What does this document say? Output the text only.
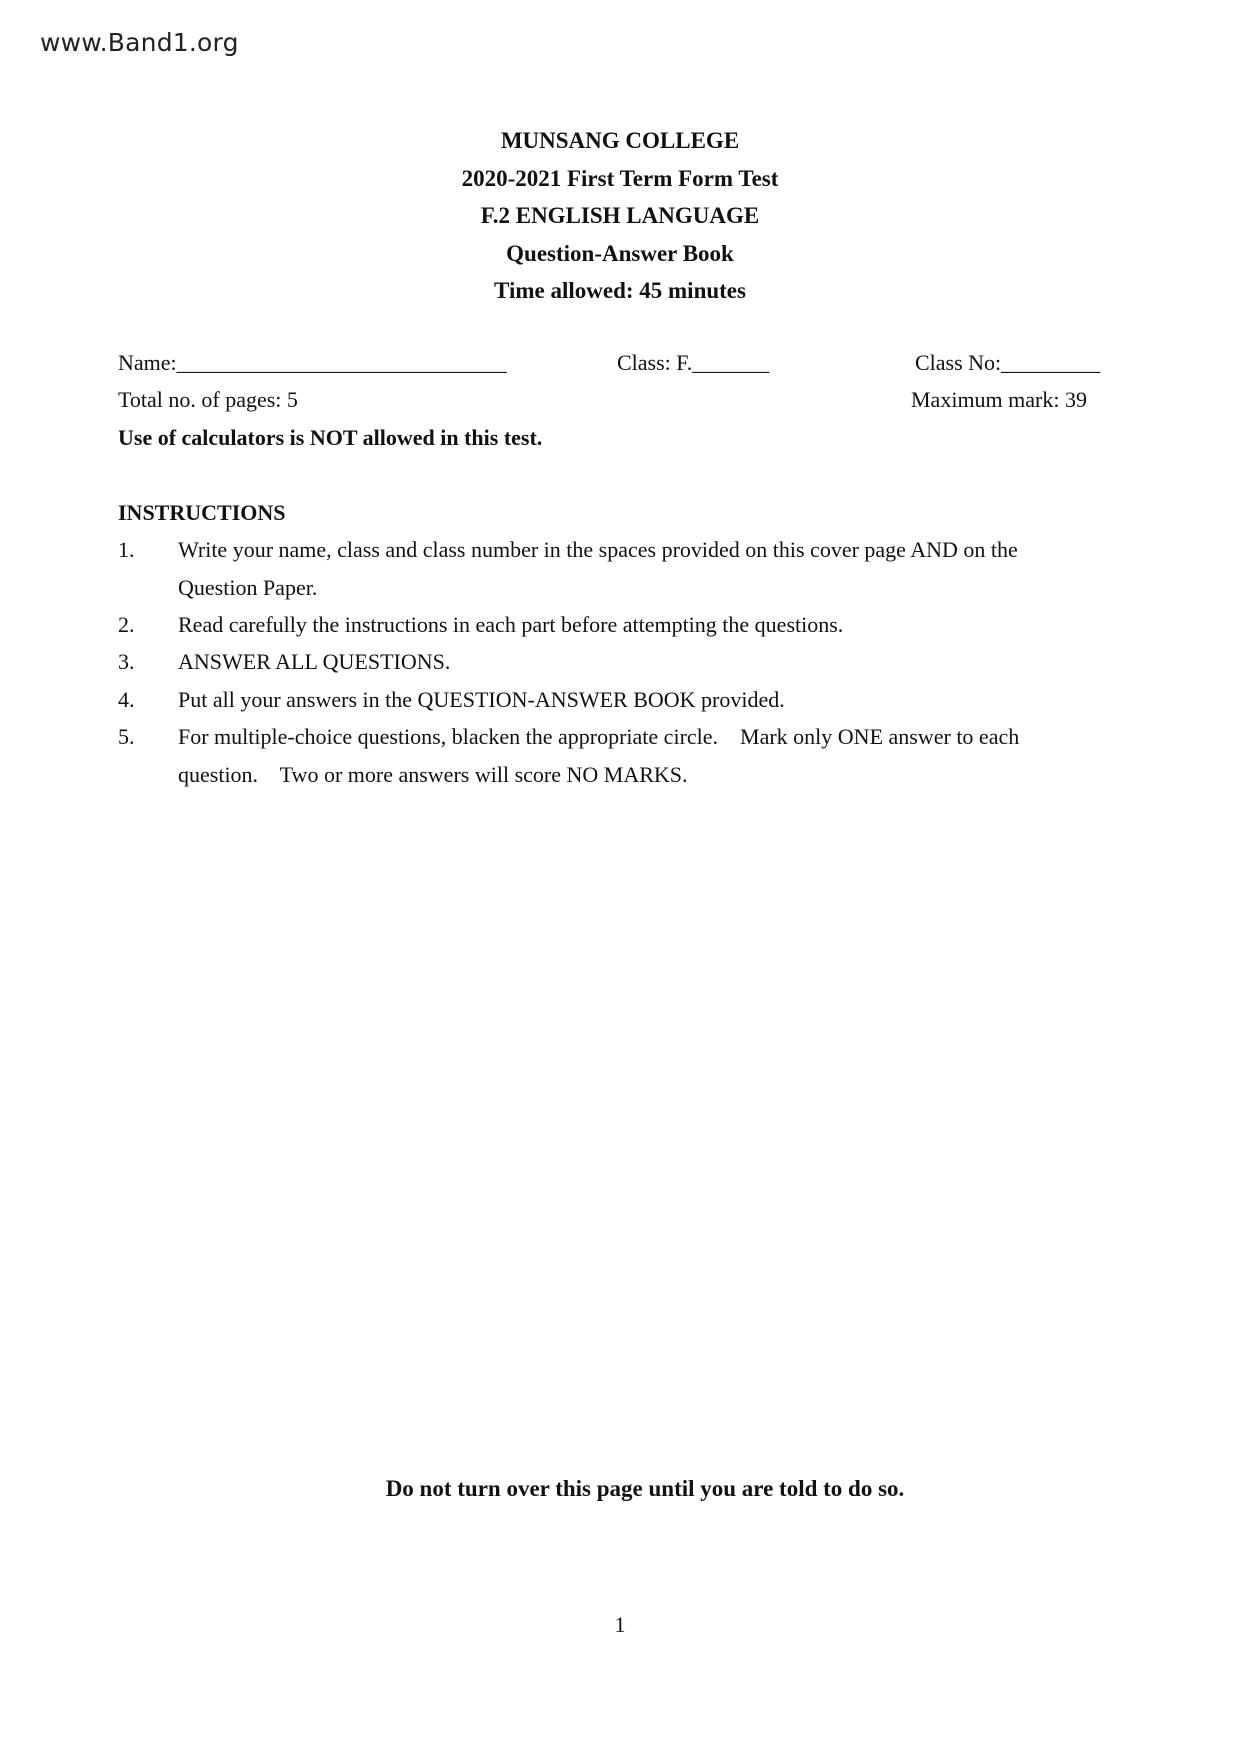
www.Band1.org

MUNSANG COLLEGE

2020-2021 First Term Form Test

F.2 ENGLISH LANGUAGE

Question-Answer Book

Time allowed: 45 minutes

Name:______________________________	Class: F._______	Class No:_________
Total no. of pages: 5	Maximum mark: 39
Use of calculators is NOT allowed in this test.
INSTRUCTIONS
1.	Write your name, class and class number in the spaces provided on this cover page AND on the Question Paper.
2.	Read carefully the instructions in each part before attempting the questions.
3.	ANSWER ALL QUESTIONS.
4.	Put all your answers in the QUESTION-ANSWER BOOK provided.
5.	For multiple-choice questions, blacken the appropriate circle.    Mark only ONE answer to each question.    Two or more answers will score NO MARKS.
Do not turn over this page until you are told to do so.
1
